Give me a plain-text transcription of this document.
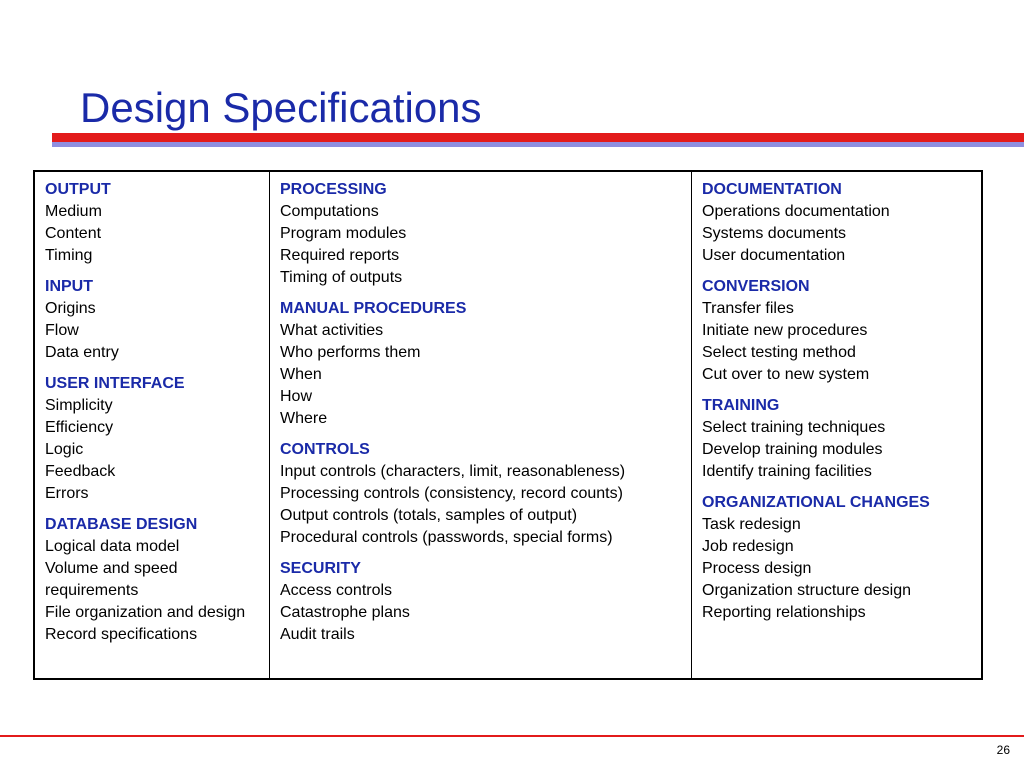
Design Specifications
OUTPUT
Medium
Content
Timing
INPUT
Origins
Flow
Data entry
USER INTERFACE
Simplicity
Efficiency
Logic
Feedback
Errors
DATABASE DESIGN
Logical data model
Volume and speed requirements
File organization and design
Record specifications
PROCESSING
Computations
Program modules
Required reports
Timing of outputs
MANUAL PROCEDURES
What activities
Who performs them
When
How
Where
CONTROLS
Input controls (characters, limit, reasonableness)
Processing controls (consistency, record counts)
Output controls (totals, samples of output)
Procedural controls (passwords, special forms)
SECURITY
Access controls
Catastrophe plans
Audit trails
DOCUMENTATION
Operations documentation
Systems documents
User documentation
CONVERSION
Transfer files
Initiate new procedures
Select testing method
Cut over to new system
TRAINING
Select training techniques
Develop training modules
Identify training facilities
ORGANIZATIONAL CHANGES
Task redesign
Job redesign
Process design
Organization structure design
Reporting relationships
26
